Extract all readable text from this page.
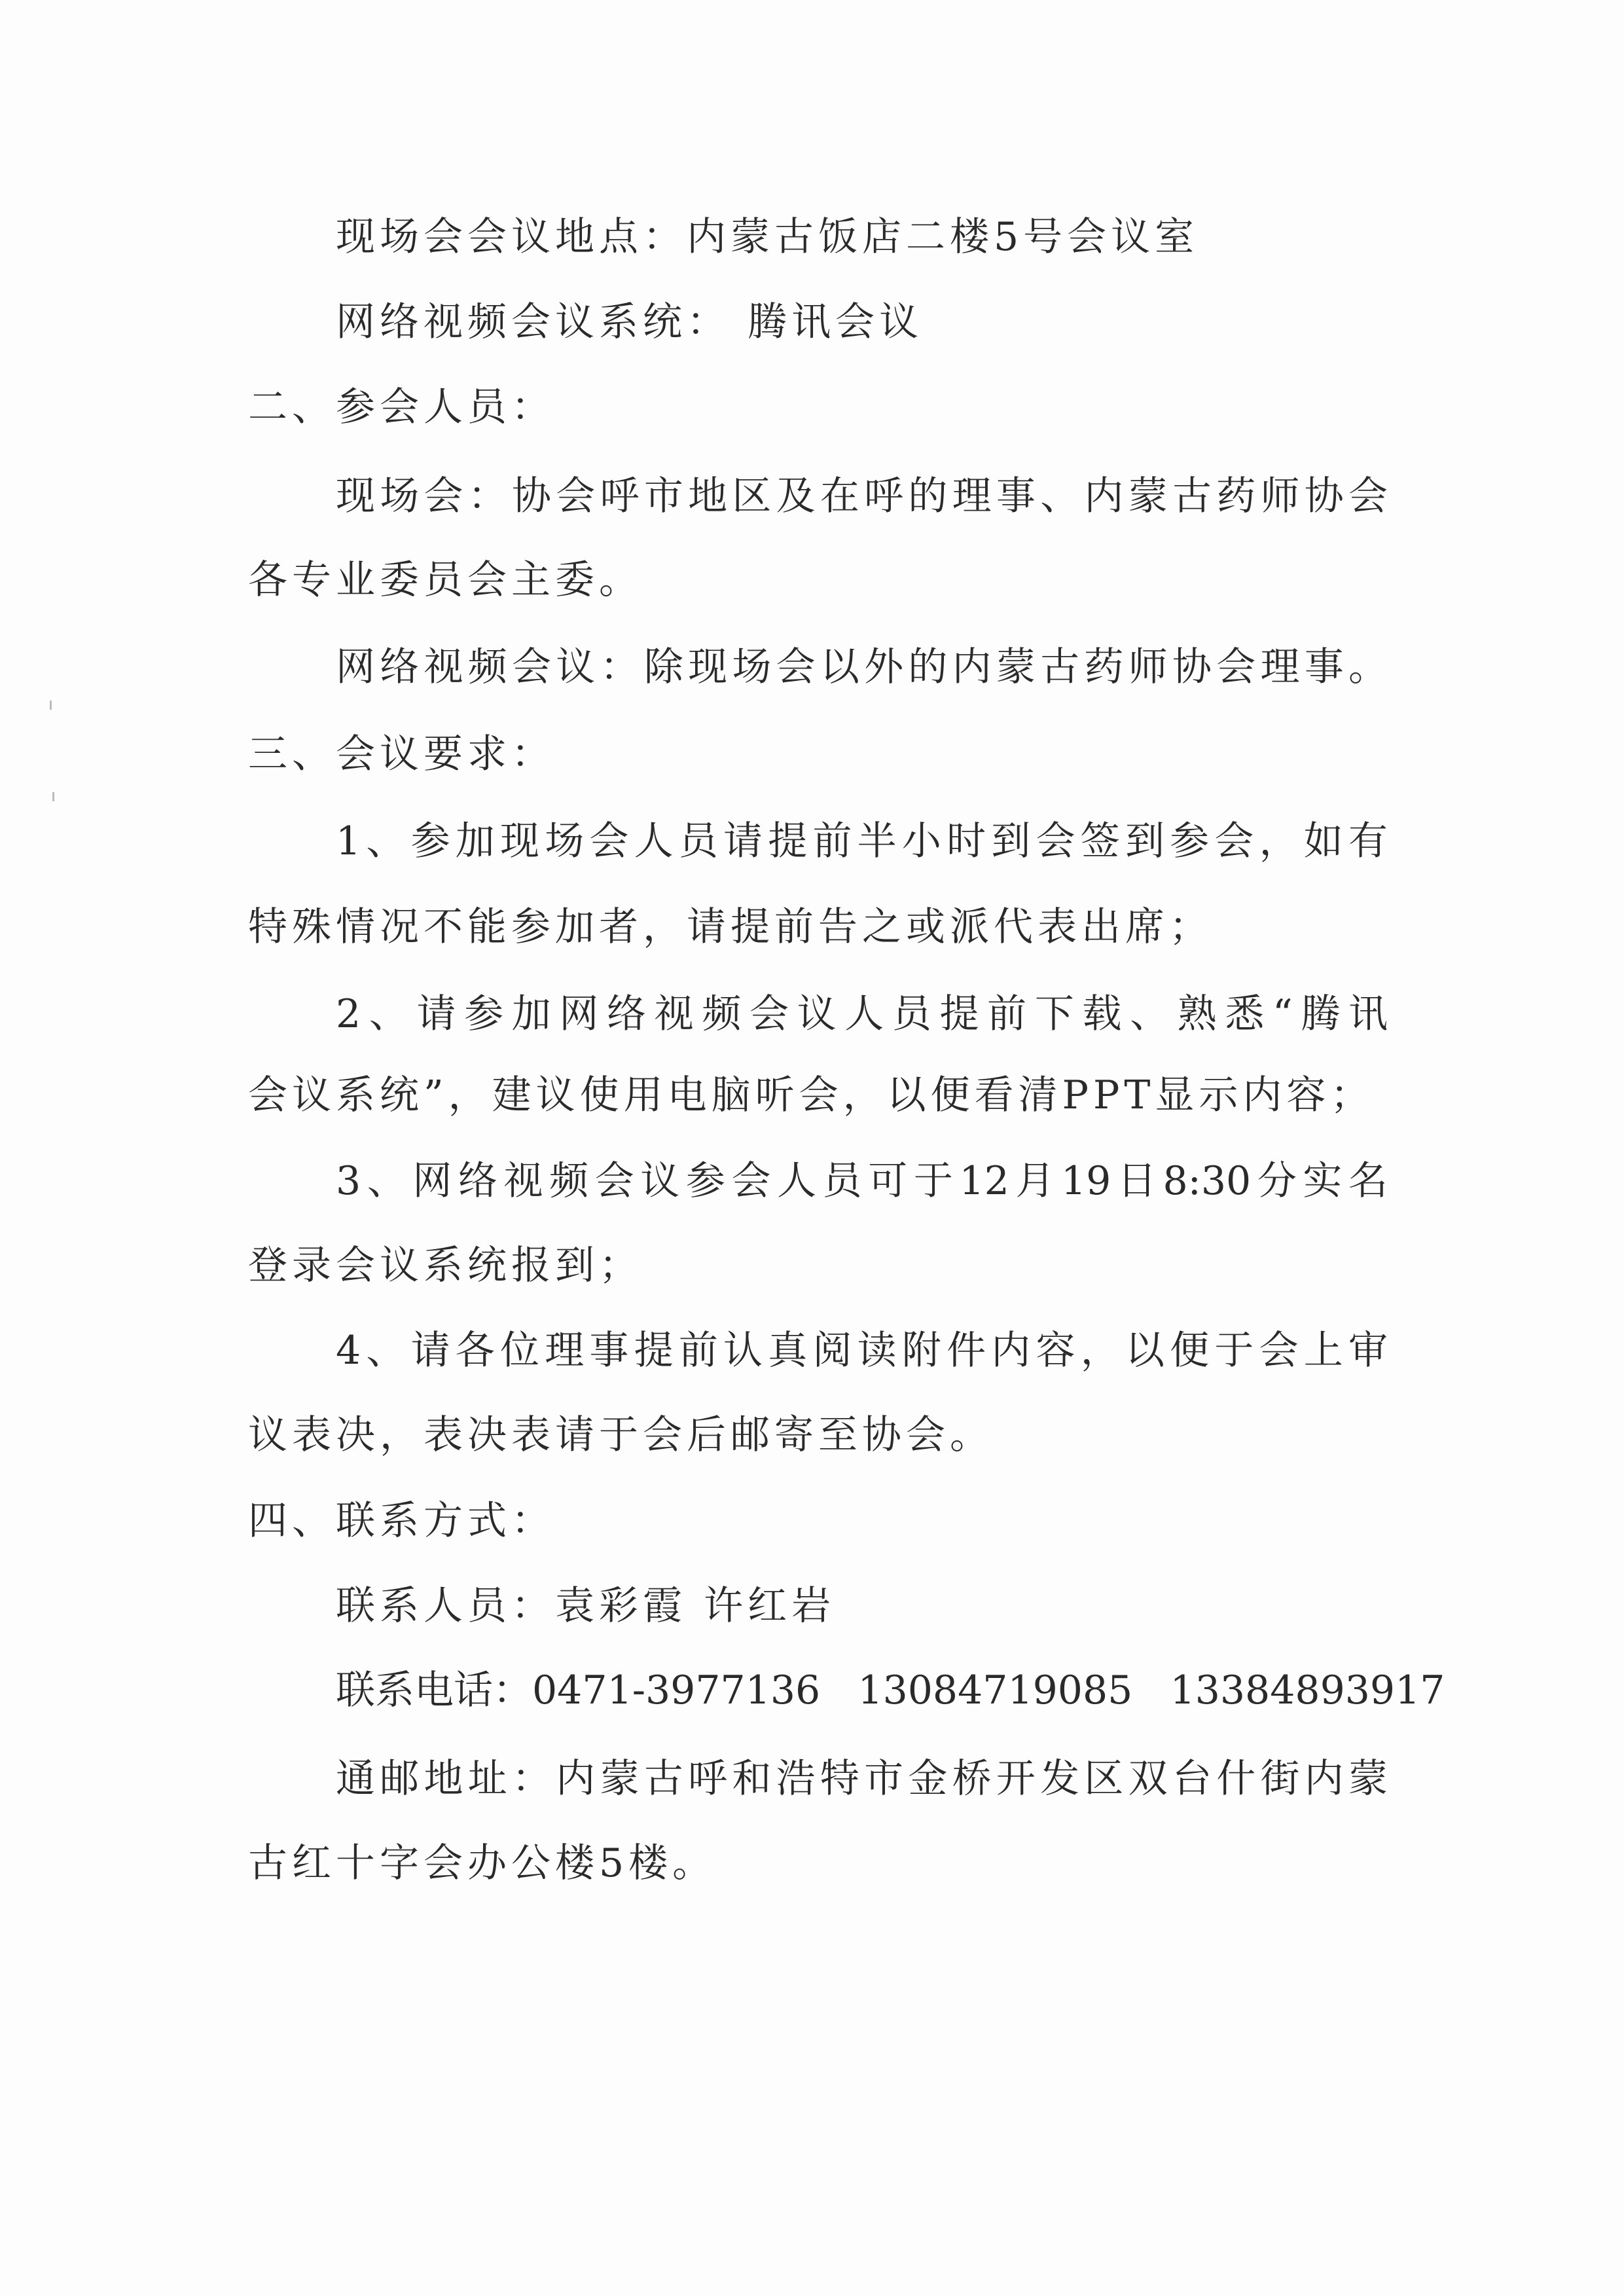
现场会会议地点：内蒙古饭店二楼5号会议室
网络视频会议系统： 腾讯会议
二、参会人员：
现场会：协会呼市地区及在呼的理事、内蒙古药师协会
各专业委员会主委。
网络视频会议：除现场会以外的内蒙古药师协会理事。
三、会议要求：
1、参加现场会人员请提前半小时到会签到参会，如有
特殊情况不能参加者，请提前告之或派代表出席；
2、请参加网络视频会议人员提前下载、熟悉“腾讯
会议系统”，建议使用电脑听会，以便看清PPT显示内容；
3、网络视频会议参会人员可于12月19日8:30分实名
登录会议系统报到；
4、请各位理事提前认真阅读附件内容，以便于会上审
议表决，表决表请于会后邮寄至协会。
四、联系方式：
联系人员：袁彩霞 许红岩
联系电话：0471-3977136   13084719085   13384893917
通邮地址：内蒙古呼和浩特市金桥开发区双台什街内蒙
古红十字会办公楼5楼。
